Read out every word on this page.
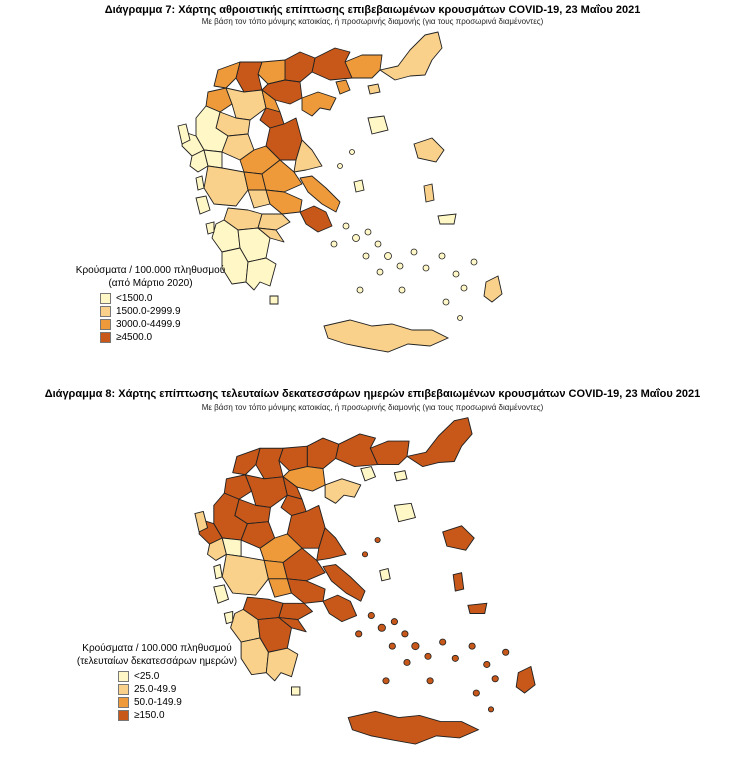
Διάγραμμα 7: Χάρτης αθροιστικής επίπτωσης επιβεβαιωμένων κρουσμάτων COVID-19, 23 Μαΐου 2021
Με βάση τον τόπο μόνιμης κατοικίας, ή προσωρινής διαμονής (για τους προσωρινά διαμένοντες)
Κρούσματα / 100.000 πληθυσμού
(από Μάρτιο 2020)
<1500.0
1500.0-2999.9
3000.0-4499.9
≥4500.0
Διάγραμμα 8: Χάρτης επίπτωσης τελευταίων δεκατεσσάρων ημερών επιβεβαιωμένων κρουσμάτων COVID-19, 23 Μαΐου 2021
Με βάση τον τόπο μόνιμης κατοικίας, ή προσωρινής διαμονής (για τους προσωρινά διαμένοντες)
Κρούσματα / 100.000 πληθυσμού
(τελευταίων δεκατεσσάρων ημερών)
<25.0
25.0-49.9
50.0-149.9
≥150.0
